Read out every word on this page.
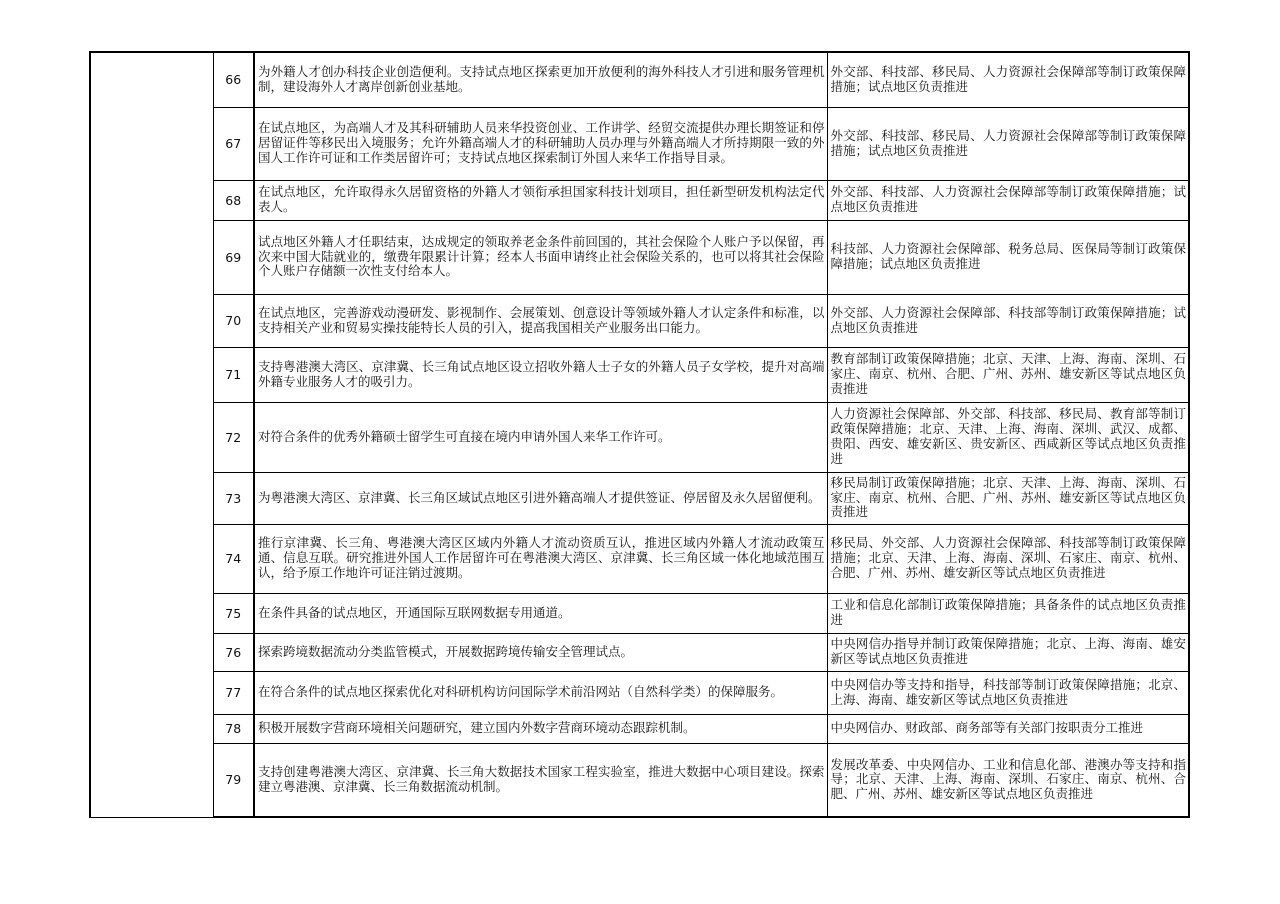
	66	为外籍人才创办科技企业创造便利。支持试点地区探索更加开放便利的海外科技人才引进和服务管理机制，建设海外人才离岸创新创业基地。	外交部、科技部、移民局、人力资源社会保障部等制订政策保障措施；试点地区负责推进

	67	在试点地区，为高端人才及其科研辅助人员来华投资创业、工作讲学、经贸交流提供办理长期签证和停居留证件等移民出入境服务；允许外籍高端人才的科研辅助人员办理与外籍高端人才所持期限一致的外国人工作许可证和工作类居留许可；支持试点地区探索制订外国人来华工作指导目录。	外交部、科技部、移民局、人力资源社会保障部等制订政策保障措施；试点地区负责推进

	68	在试点地区，允许取得永久居留资格的外籍人才领衔承担国家科技计划项目，担任新型研发机构法定代表人。	外交部、科技部、人力资源社会保障部等制订政策保障措施；试点地区负责推进

	69	试点地区外籍人才任职结束，达成规定的领取养老金条件前回国的，其社会保险个人账户予以保留，再次来中国大陆就业的，缴费年限累计计算；经本人书面申请终止社会保险关系的，也可以将其社会保险个人账户存储额一次性支付给本人。	科技部、人力资源社会保障部、税务总局、医保局等制订政策保障措施；试点地区负责推进

	70	在试点地区，完善游戏动漫研发、影视制作、会展策划、创意设计等领域外籍人才认定条件和标准，以支持相关产业和贸易实操技能特长人员的引入，提高我国相关产业服务出口能力。	外交部、人力资源社会保障部、科技部等制订政策保障措施；试点地区负责推进

	71	支持粤港澳大湾区、京津冀、长三角试点地区设立招收外籍人士子女的外籍人员子女学校，提升对高端外籍专业服务人才的吸引力。	教育部制订政策保障措施；北京、天津、上海、海南、深圳、石家庄、南京、杭州、合肥、广州、苏州、雄安新区等试点地区负责推进

	72	对符合条件的优秀外籍硕士留学生可直接在境内申请外国人来华工作许可。	人力资源社会保障部、外交部、科技部、移民局、教育部等制订政策保障措施；北京、天津、上海、海南、深圳、武汉、成都、贵阳、西安、雄安新区、贵安新区、西咸新区等试点地区负责推进

	73	为粤港澳大湾区、京津冀、长三角区域试点地区引进外籍高端人才提供签证、停居留及永久居留便利。	移民局制订政策保障措施；北京、天津、上海、海南、深圳、石家庄、南京、杭州、合肥、广州、苏州、雄安新区等试点地区负责推进

	74	推行京津冀、长三角、粤港澳大湾区区域内外籍人才流动资质互认，推进区域内外籍人才流动政策互通、信息互联。研究推进外国人工作居留许可在粤港澳大湾区、京津冀、长三角区域一体化地域范围互认，给予原工作地许可证注销过渡期。	移民局、外交部、人力资源社会保障部、科技部等制订政策保障措施；北京、天津、上海、海南、深圳、石家庄、南京、杭州、合肥、广州、苏州、雄安新区等试点地区负责推进

	75	在条件具备的试点地区，开通国际互联网数据专用通道。	工业和信息化部制订政策保障措施；具备条件的试点地区负责推进

	76	探索跨境数据流动分类监管模式，开展数据跨境传输安全管理试点。	中央网信办指导并制订政策保障措施；北京、上海、海南、雄安新区等试点地区负责推进

	77	在符合条件的试点地区探索优化对科研机构访问国际学术前沿网站（自然科学类）的保障服务。	中央网信办等支持和指导，科技部等制订政策保障措施；北京、上海、海南、雄安新区等试点地区负责推进

	78	积极开展数字营商环境相关问题研究，建立国内外数字营商环境动态跟踪机制。	中央网信办、财政部、商务部等有关部门按职责分工推进

	79	支持创建粤港澳大湾区、京津冀、长三角大数据技术国家工程实验室，推进大数据中心项目建设。探索建立粤港澳、京津冀、长三角数据流动机制。	发展改革委、中央网信办、工业和信息化部、港澳办等支持和指导；北京、天津、上海、海南、深圳、石家庄、南京、杭州、合肥、广州、苏州、雄安新区等试点地区负责推进
